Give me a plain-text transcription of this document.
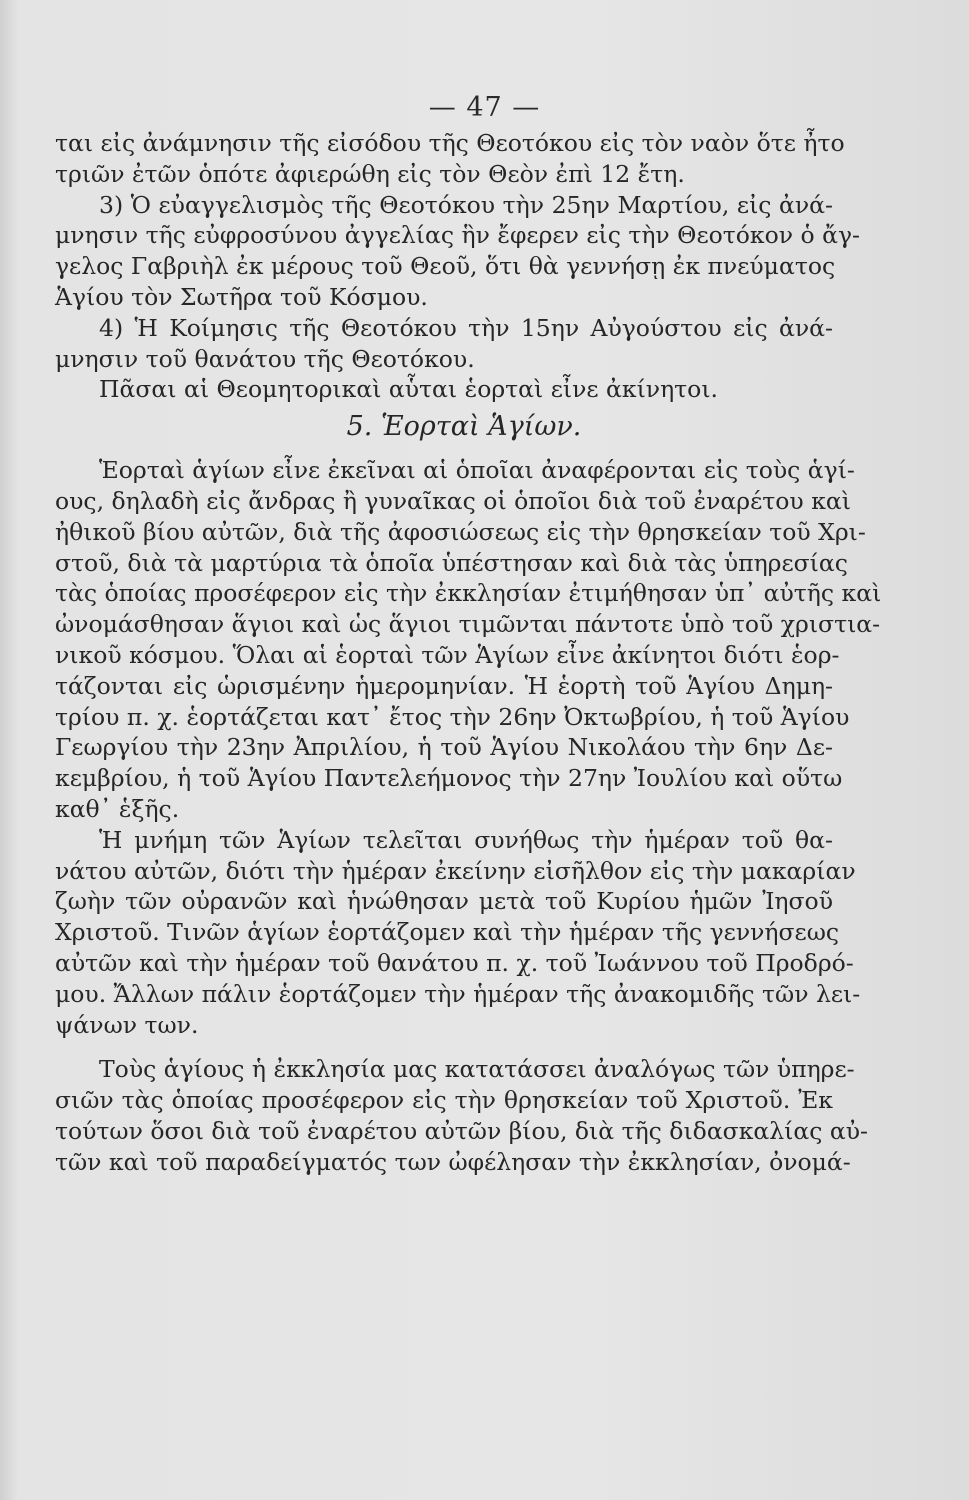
— 47 —
ται εἰς ἀνάμνησιν τῆς εἰσόδου τῆς Θεοτόκου εἰς τὸν ναὸν ὅτε ἦτο
τριῶν ἐτῶν ὁπότε ἀφιερώθη εἰς τὸν Θεὸν ἐπὶ 12 ἔτη.
3) Ὁ εὐαγγελισμὸς τῆς Θεοτόκου τὴν 25ην Μαρτίου, εἰς ἀνά-
μνησιν τῆς εὐφροσύνου ἀγγελίας ἣν ἔφερεν εἰς τὴν Θεοτόκον ὁ ἄγ-
γελος Γαβριὴλ ἐκ μέρους τοῦ Θεοῦ, ὅτι θὰ γεννήσῃ ἐκ πνεύματος
Ἁγίου τὸν Σωτῆρα τοῦ Κόσμου.
4) Ἡ Κοίμησις τῆς Θεοτόκου τὴν 15ην Αὐγούστου εἰς ἀνά-
μνησιν τοῦ θανάτου τῆς Θεοτόκου.
Πᾶσαι αἱ Θεομητορικαὶ αὗται ἑορταὶ εἶνε ἀκίνητοι.
5. Ἑορταὶ Ἁγίων.
Ἑορταὶ ἁγίων εἶνε ἐκεῖναι αἱ ὁποῖαι ἀναφέρονται εἰς τοὺς ἁγί-
ους, δηλαδὴ εἰς ἄνδρας ἢ γυναῖκας οἱ ὁποῖοι διὰ τοῦ ἐναρέτου καὶ
ἠθικοῦ βίου αὐτῶν, διὰ τῆς ἀφοσιώσεως εἰς τὴν θρησκείαν τοῦ Χρι-
στοῦ, διὰ τὰ μαρτύρια τὰ ὁποῖα ὑπέστησαν καὶ διὰ τὰς ὑπηρεσίας
τὰς ὁποίας προσέφερον εἰς τὴν ἐκκλησίαν ἐτιμήθησαν ὑπ᾽ αὐτῆς καὶ
ὠνομάσθησαν ἅγιοι καὶ ὡς ἅγιοι τιμῶνται πάντοτε ὑπὸ τοῦ χριστια-
νικοῦ κόσμου. Ὅλαι αἱ ἑορταὶ τῶν Ἁγίων εἶνε ἀκίνητοι διότι ἑορ-
τάζονται εἰς ὡρισμένην ἡμερομηνίαν. Ἡ ἑορτὴ τοῦ Ἁγίου Δημη-
τρίου π. χ. ἑορτάζεται κατ᾽ ἔτος τὴν 26ην Ὀκτωβρίου, ἡ τοῦ Ἁγίου
Γεωργίου τὴν 23ην Ἀπριλίου, ἡ τοῦ Ἁγίου Νικολάου τὴν 6ην Δε-
κεμβρίου, ἡ τοῦ Ἁγίου Παντελεήμονος τὴν 27ην Ἰουλίου καὶ οὕτω
καθ᾽ ἑξῆς.
Ἡ μνήμη τῶν Ἁγίων τελεῖται συνήθως τὴν ἡμέραν τοῦ θα-
νάτου αὐτῶν, διότι τὴν ἡμέραν ἐκείνην εἰσῆλθον εἰς τὴν μακαρίαν
ζωὴν τῶν οὐρανῶν καὶ ἡνώθησαν μετὰ τοῦ Κυρίου ἡμῶν Ἰησοῦ
Χριστοῦ. Τινῶν ἁγίων ἑορτάζομεν καὶ τὴν ἡμέραν τῆς γεννήσεως
αὐτῶν καὶ τὴν ἡμέραν τοῦ θανάτου π. χ. τοῦ Ἰωάννου τοῦ Προδρό-
μου. Ἄλλων πάλιν ἑορτάζομεν τὴν ἡμέραν τῆς ἀνακομιδῆς τῶν λει-
ψάνων των.
Τοὺς ἁγίους ἡ ἐκκλησία μας κατατάσσει ἀναλόγως τῶν ὑπηρε-
σιῶν τὰς ὁποίας προσέφερον εἰς τὴν θρησκείαν τοῦ Χριστοῦ. Ἐκ
τούτων ὅσοι διὰ τοῦ ἐναρέτου αὐτῶν βίου, διὰ τῆς διδασκαλίας αὐ-
τῶν καὶ τοῦ παραδείγματός των ὠφέλησαν τὴν ἐκκλησίαν, ὀνομά-
